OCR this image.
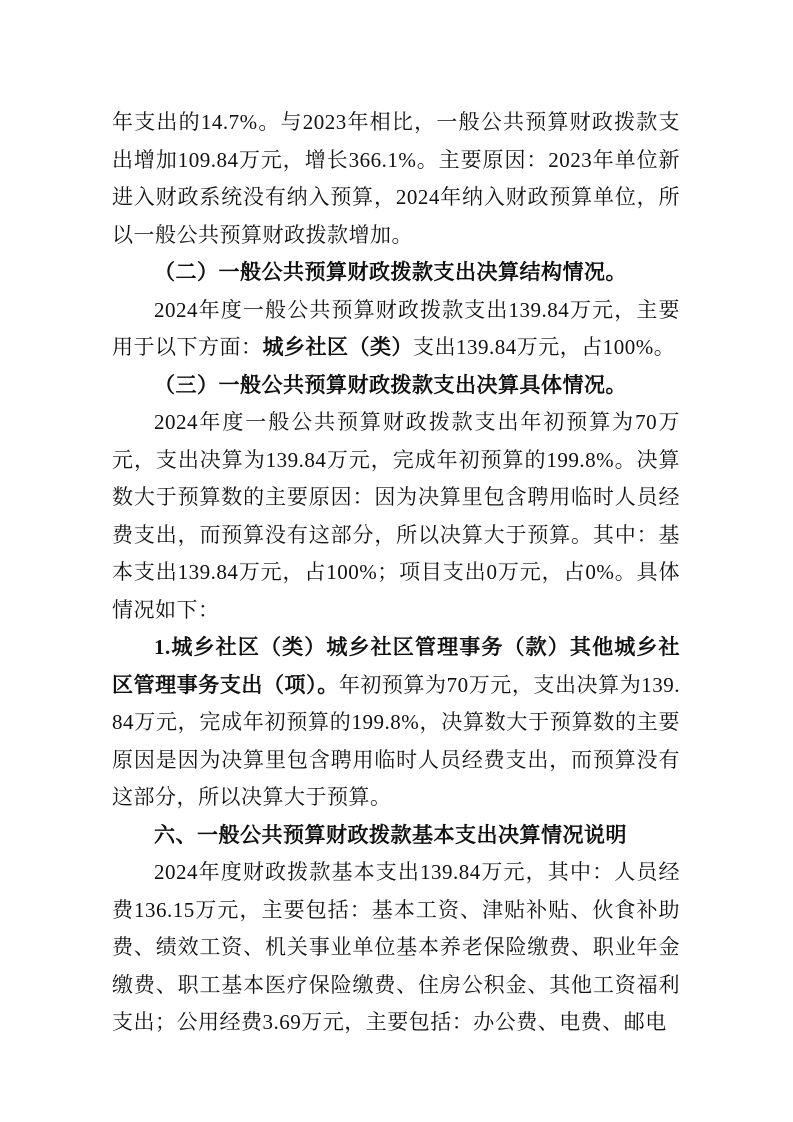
年支出的14.7%。与2023年相比，一般公共预算财政拨款支出增加109.84万元，增长366.1%。主要原因：2023年单位新进入财政系统没有纳入预算，2024年纳入财政预算单位，所以一般公共预算财政拨款增加。

（二）一般公共预算财政拨款支出决算结构情况。

2024年度一般公共预算财政拨款支出139.84万元，主要用于以下方面：城乡社区（类）支出139.84万元，占100%。

（三）一般公共预算财政拨款支出决算具体情况。

2024年度一般公共预算财政拨款支出年初预算为70万元，支出决算为139.84万元，完成年初预算的199.8%。决算数大于预算数的主要原因：因为决算里包含聘用临时人员经费支出，而预算没有这部分，所以决算大于预算。其中：基本支出139.84万元，占100%；项目支出0万元，占0%。具体情况如下：

1.城乡社区（类）城乡社区管理事务（款）其他城乡社区管理事务支出（项）。年初预算为70万元，支出决算为139.84万元，完成年初预算的199.8%，决算数大于预算数的主要原因是因为决算里包含聘用临时人员经费支出，而预算没有这部分，所以决算大于预算。

六、一般公共预算财政拨款基本支出决算情况说明

2024年度财政拨款基本支出139.84万元，其中：人员经费136.15万元，主要包括：基本工资、津贴补贴、伙食补助费、绩效工资、机关事业单位基本养老保险缴费、职业年金缴费、职工基本医疗保险缴费、住房公积金、其他工资福利支出；公用经费3.69万元，主要包括：办公费、电费、邮电
